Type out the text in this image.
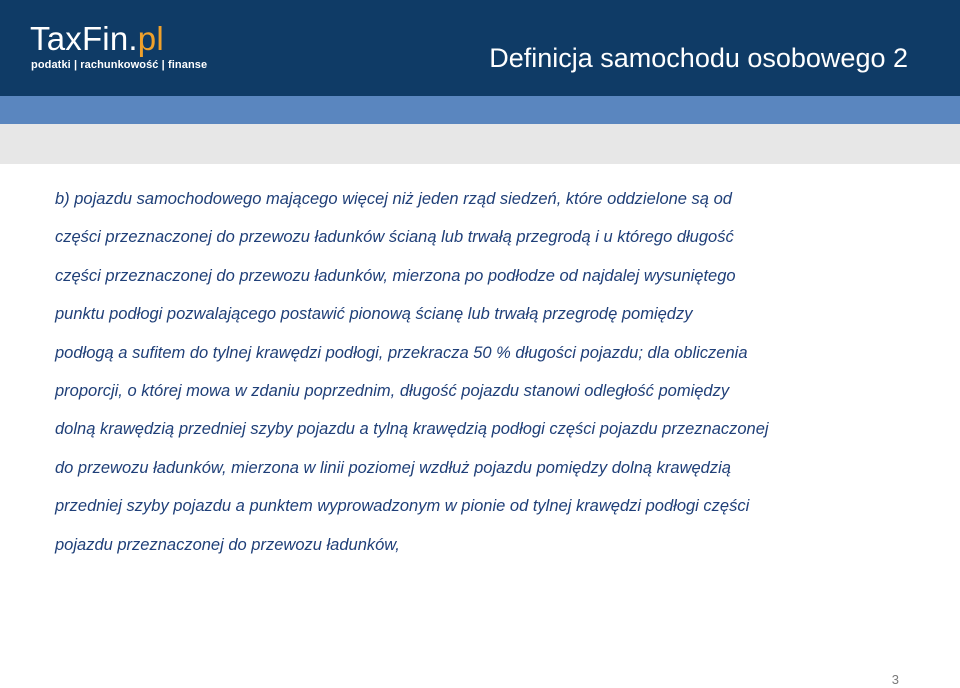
TaxFin.pl
podatki | rachunkowość | finanse	Definicja samochodu osobowego 2
b) pojazdu samochodowego mającego więcej niż jeden rząd siedzeń, które oddzielone są od
części przeznaczonej do przewozu ładunków ścianą lub trwałą przegrodą i u którego długość
części przeznaczonej do przewozu ładunków, mierzona po podłodze od najdalej wysuniętego
punktu podłogi pozwalającego postawić pionową ścianę lub trwałą przegrodę pomiędzy
podłogą a sufitem do tylnej krawędzi podłogi, przekracza 50 % długości pojazdu; dla obliczenia
proporcji, o której mowa w zdaniu poprzednim, długość pojazdu stanowi odległość pomiędzy
dolną krawędzią przedniej szyby pojazdu a tylną krawędzią podłogi części pojazdu przeznaczonej
do przewozu ładunków, mierzona w linii poziomej wzdłuż pojazdu pomiędzy dolną krawędzią
przedniej szyby pojazdu a punktem wyprowadzonym w pionie od tylnej krawędzi podłogi części
pojazdu przeznaczonej do przewozu ładunków,
3
